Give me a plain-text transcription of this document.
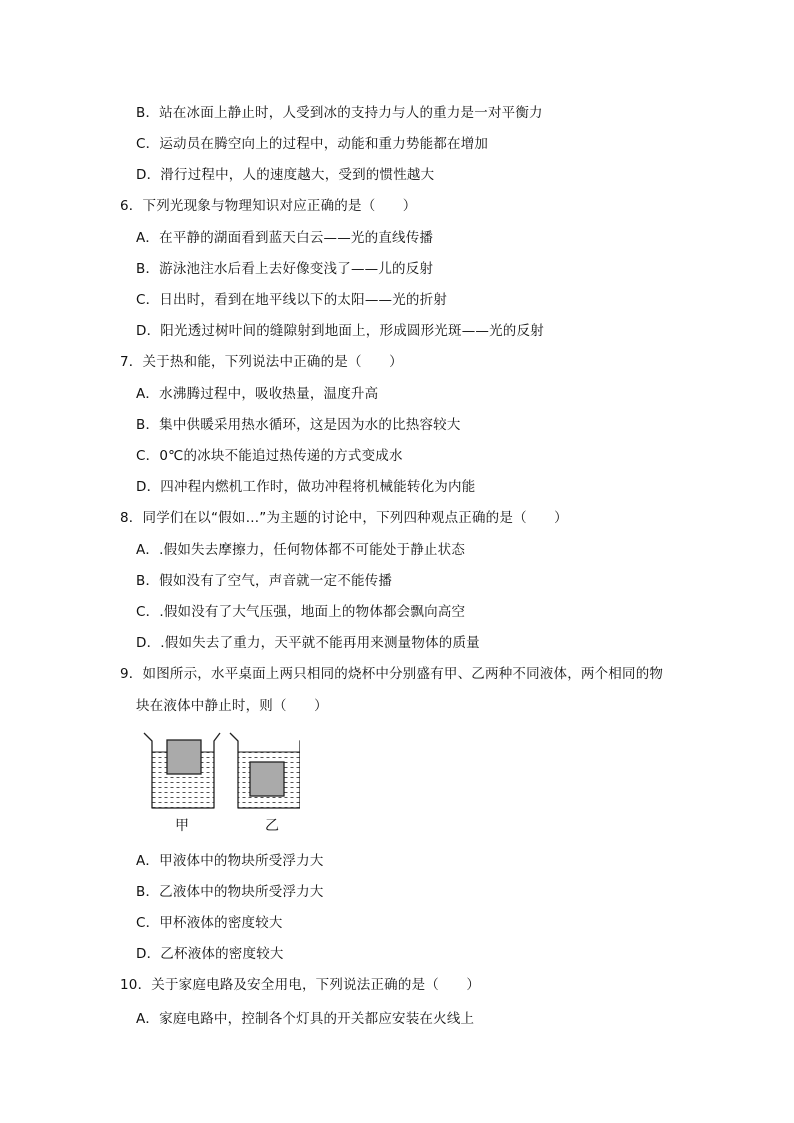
B．站在冰面上静止时，人受到冰的支持力与人的重力是一对平衡力
C．运动员在腾空向上的过程中，动能和重力势能都在增加
D．滑行过程中，人的速度越大，受到的惯性越大
6．下列光现象与物理知识对应正确的是（　　）
A．在平静的湖面看到蓝天白云——光的直线传播
B．游泳池注水后看上去好像变浅了——儿的反射
C．日出时，看到在地平线以下的太阳——光的折射
D．阳光透过树叶间的缝隙射到地面上，形成圆形光斑——光的反射
7．关于热和能，下列说法中正确的是（　　）
A．水沸腾过程中，吸收热量，温度升高
B．集中供暖采用热水循环，这是因为水的比热容较大
C．0℃的冰块不能追过热传递的方式变成水
D．四冲程内燃机工作时，做功冲程将机械能转化为内能
8．同学们在以“假如…”为主题的讨论中，下列四种观点正确的是（　　）
A．.假如失去摩擦力，任何物体都不可能处于静止状态
B．假如没有了空气，声音就一定不能传播
C．.假如没有了大气压强，地面上的物体都会飘向高空
D．.假如失去了重力，天平就不能再用来测量物体的质量
9．如图所示，水平桌面上两只相同的烧杯中分别盛有甲、乙两种不同液体，两个相同的物
块在液体中静止时，则（　　）
甲	乙
A．甲液体中的物块所受浮力大
B．乙液体中的物块所受浮力大
C．甲杯液体的密度较大
D．乙杯液体的密度较大
10．关于家庭电路及安全用电，下列说法正确的是（　　）
A．家庭电路中，控制各个灯具的开关都应安装在火线上
